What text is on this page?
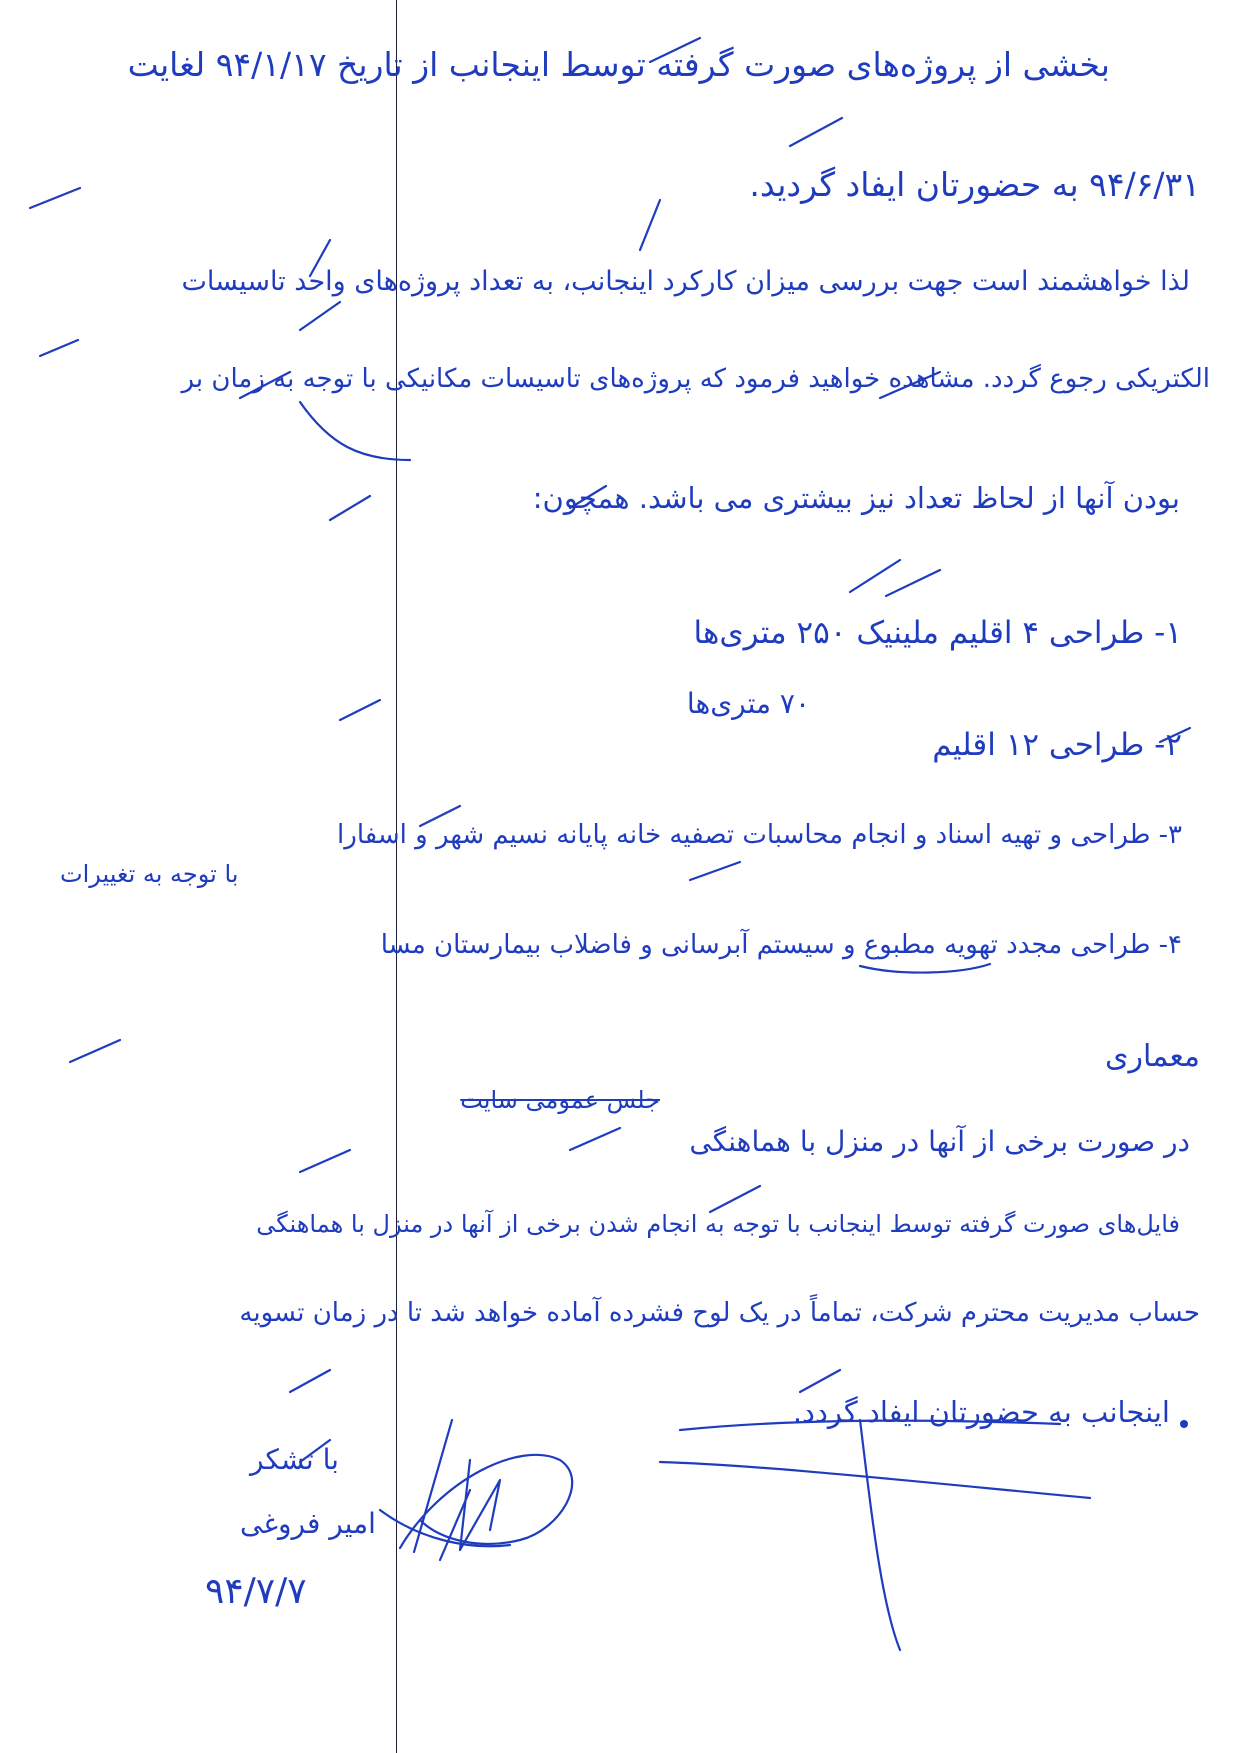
بخشی از پروژه‌های صورت گرفته توسط اینجانب از تاریخ ۹۴/۱/۱۷ لغایت
۹۴/۶/۳۱ به حضورتان ایفاد گردید.
لذا خواهشمند است جهت بررسی میزان کارکرد اینجانب، به تعداد پروژه‌های واحد تاسیسات
الکتریکی رجوع گردد. مشاهده خواهید فرمود که پروژه‌های تاسیسات مکانیکی با توجه به زمان بر
بودن آنها از لحاظ تعداد نیز بیشتری می باشد. همچون:
۱- طراحی ۴ اقلیم ملینیک ۲۵۰ متری‌ها
۷۰ متری‌ها
۲- طراحی ۱۲ اقلیم
۳- طراحی و تهیه اسناد و انجام محاسبات تصفیه خانه پایانه نسیم شهر و اسفارا
با توجه به تغییرات
۴- طراحی مجدد تهویه مطبوع و سیستم آبرسانی و فاضلاب بیمارستان مسا
معماری
جلس عمومی سایت
در صورت برخی از آنها در منزل با هماهنگی
فایل‌های صورت گرفته توسط اینجانب با توجه به انجام شدن برخی از آنها در منزل با هماهنگی
حساب مدیریت محترم شرکت، تماماً در یک لوح فشرده آماده خواهد شد تا در زمان تسویه
اینجانب به حضورتان ایفاد گردد.
با تشکر
امیر فروغی
۹۴/۷/۷
